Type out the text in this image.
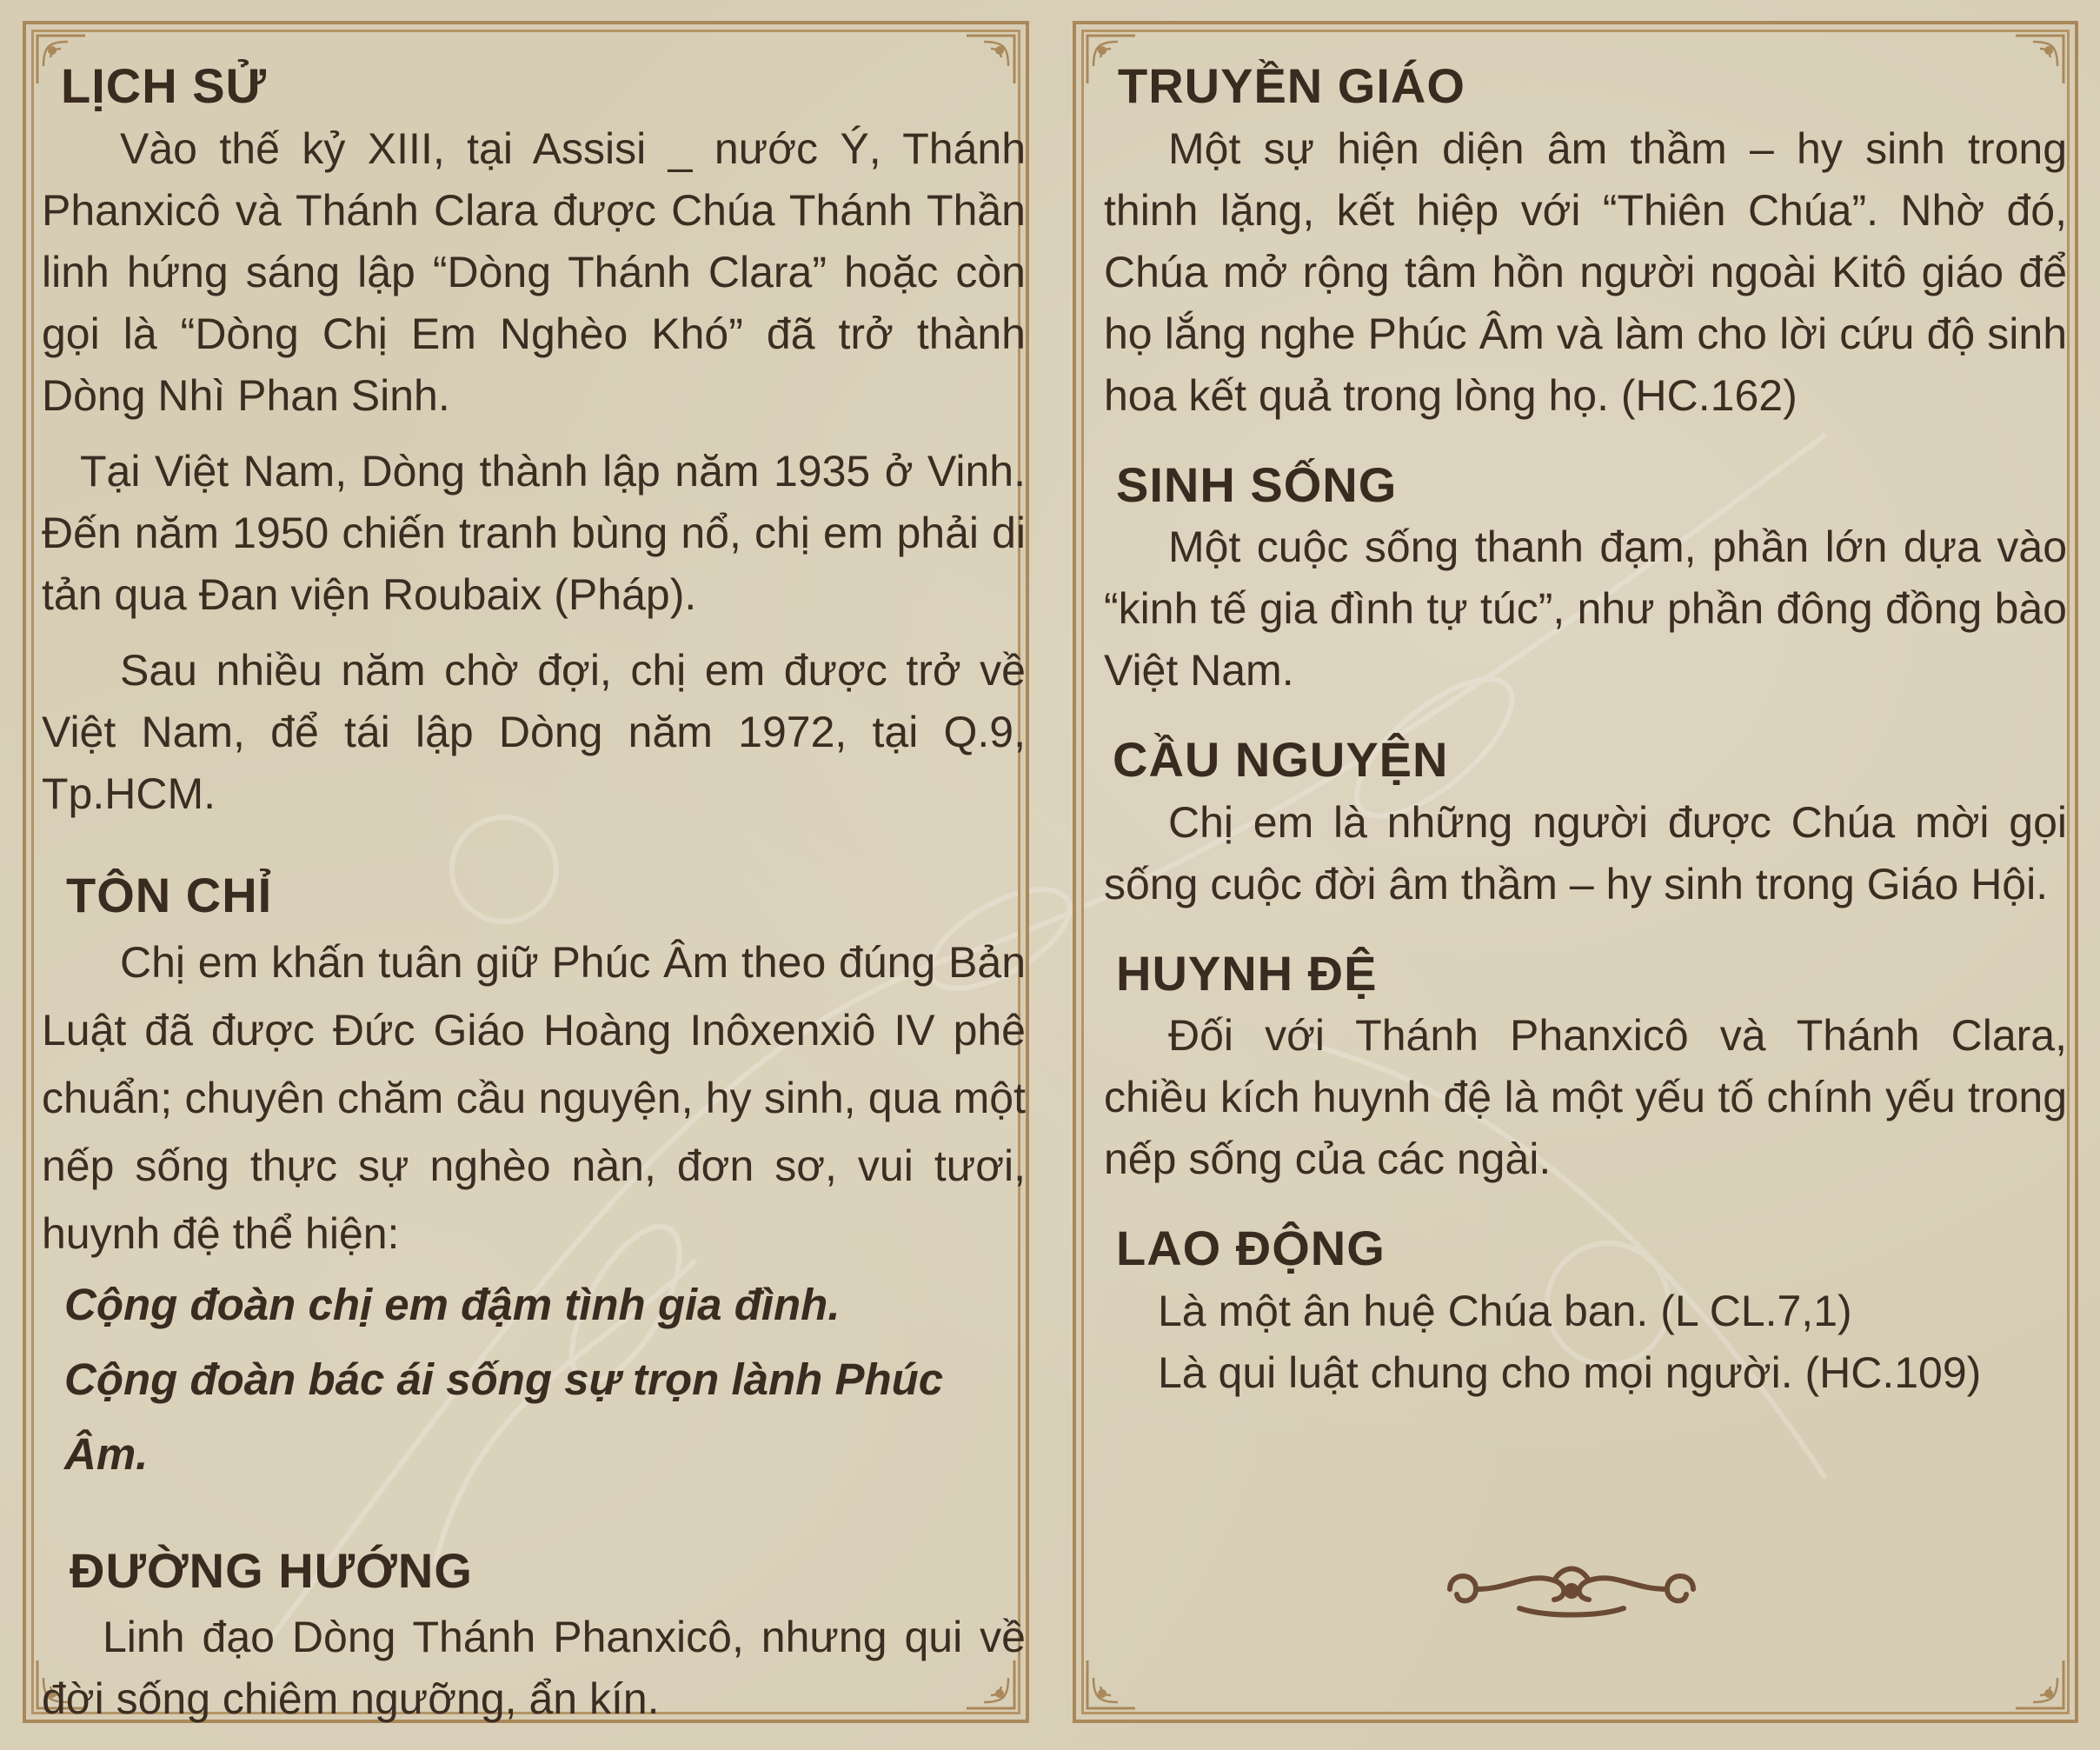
LỊCH SỬ

Vào thế kỷ XIII, tại Assisi _ nước Ý, Thánh Phanxicô và Thánh Clara được Chúa Thánh Thần linh hứng sáng lập “Dòng Thánh Clara” hoặc còn gọi là “Dòng Chị Em Nghèo Khó” đã trở thành Dòng Nhì Phan Sinh.

Tại Việt Nam, Dòng thành lập năm 1935 ở Vinh. Đến năm 1950 chiến tranh bùng nổ, chị em phải di tản qua Đan viện Roubaix (Pháp).

Sau nhiều năm chờ đợi, chị em được trở về Việt Nam, để tái lập Dòng năm 1972, tại Q.9, Tp.HCM.

TÔN CHỈ

Chị em khấn tuân giữ Phúc Âm theo đúng Bản Luật đã được Đức Giáo Hoàng Inôxenxiô IV phê chuẩn; chuyên chăm cầu nguyện, hy sinh, qua một nếp sống thực sự nghèo nàn, đơn sơ, vui tươi, huynh đệ thể hiện:

Cộng đoàn chị em đậm tình gia đình.
Cộng đoàn bác ái sống sự trọn lành Phúc Âm.
ĐƯỜNG HƯỚNG

Linh đạo Dòng Thánh Phanxicô, nhưng qui về đời sống chiêm ngưỡng, ẩn kín.

TRUYỀN GIÁO

Một sự hiện diện âm thầm – hy sinh trong thinh lặng, kết hiệp với “Thiên Chúa”. Nhờ đó, Chúa mở rộng tâm hồn người ngoài Kitô giáo để họ lắng nghe Phúc Âm và làm cho lời cứu độ sinh hoa kết quả trong lòng họ. (HC.162)

SINH SỐNG

Một cuộc sống thanh đạm, phần lớn dựa vào “kinh tế gia đình tự túc”, như phần đông đồng bào Việt Nam.

CẦU NGUYỆN

Chị em là những người được Chúa mời gọi sống cuộc đời âm thầm – hy sinh trong Giáo Hội.

HUYNH ĐỆ

Đối với Thánh Phanxicô và Thánh Clara, chiều kích huynh đệ là một yếu tố chính yếu trong nếp sống của các ngài.

LAO ĐỘNG

Là một ân huệ Chúa ban. (L CL.7,1)

Là qui luật chung cho mọi người. (HC.109)
